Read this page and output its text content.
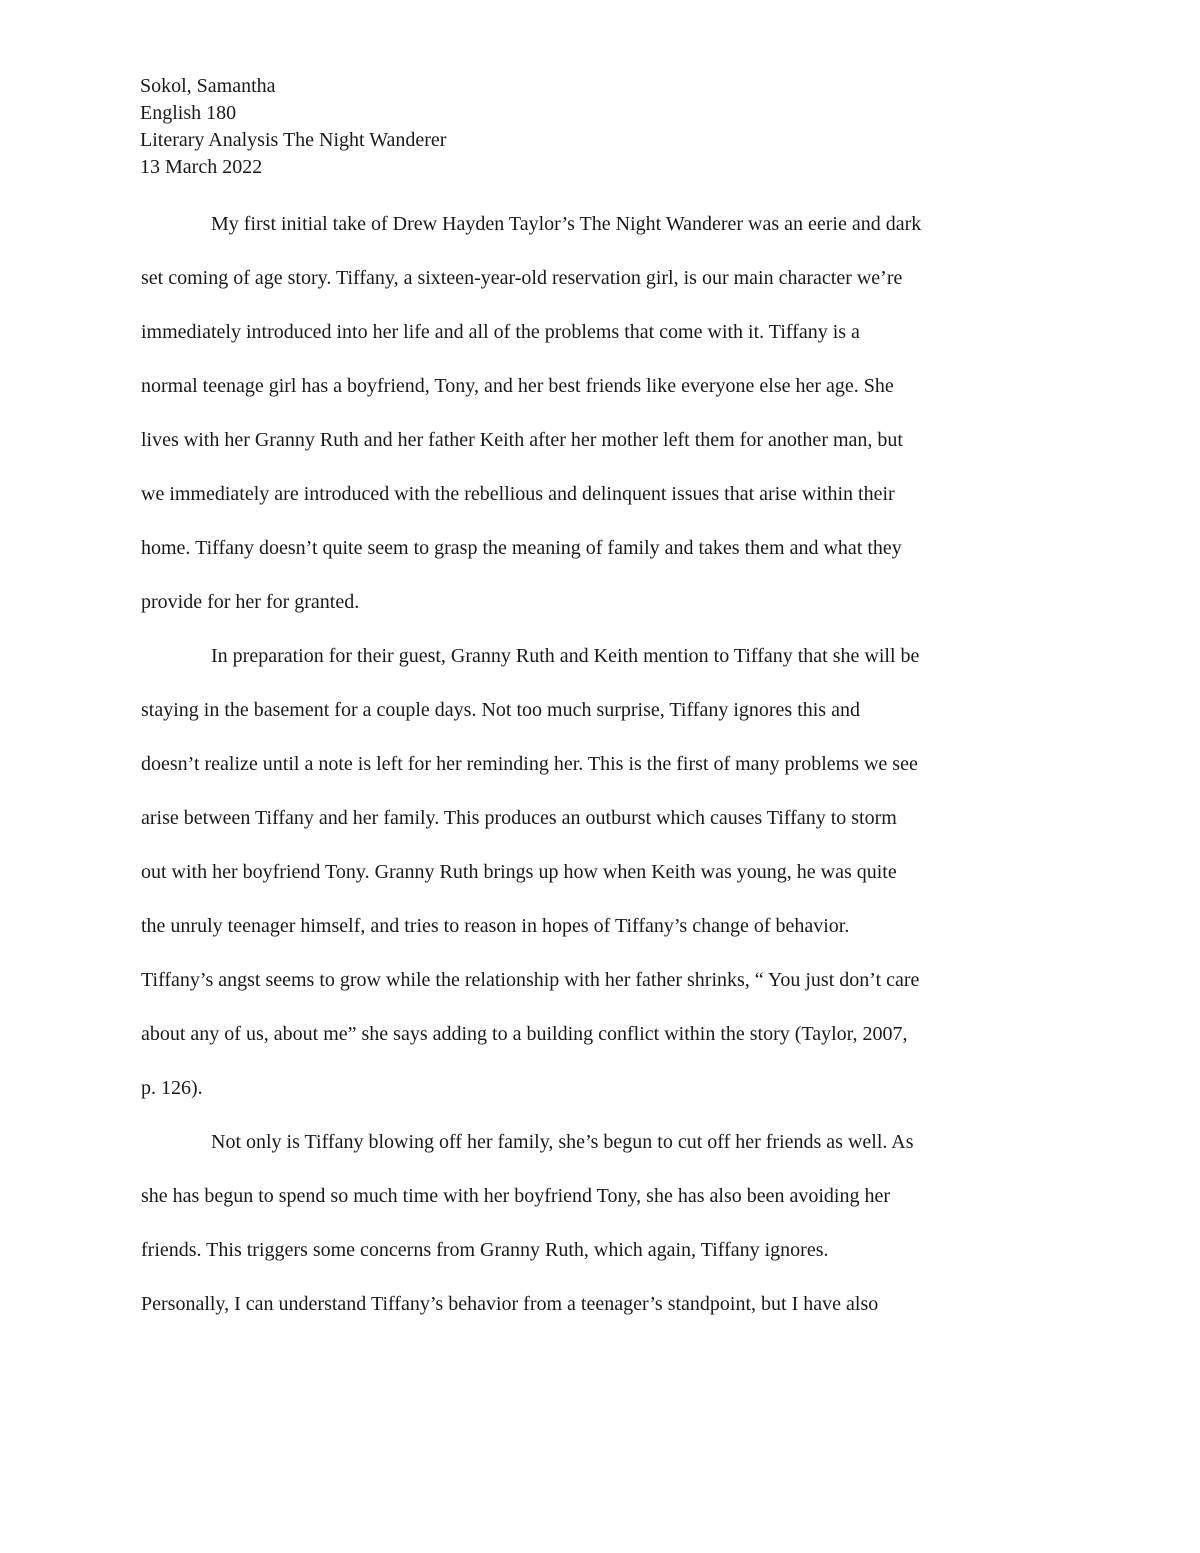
Sokol, Samantha
English 180
Literary Analysis The Night Wanderer
13 March 2022
My first initial take of Drew Hayden Taylor’s The Night Wanderer was an eerie and dark
set coming of age story. Tiffany, a sixteen-year-old reservation girl, is our main character we’re
immediately introduced into her life and all of the problems that come with it. Tiffany is a
normal teenage girl has a boyfriend, Tony, and her best friends like everyone else her age. She
lives with her Granny Ruth and her father Keith after her mother left them for another man, but
we immediately are introduced with the rebellious and delinquent issues that arise within their
home. Tiffany doesn’t quite seem to grasp the meaning of family and takes them and what they
provide for her for granted.
In preparation for their guest, Granny Ruth and Keith mention to Tiffany that she will be
staying in the basement for a couple days. Not too much surprise, Tiffany ignores this and
doesn’t realize until a note is left for her reminding her. This is the first of many problems we see
arise between Tiffany and her family. This produces an outburst which causes Tiffany to storm
out with her boyfriend Tony. Granny Ruth brings up how when Keith was young, he was quite
the unruly teenager himself, and tries to reason in hopes of Tiffany’s change of behavior.
Tiffany’s angst seems to grow while the relationship with her father shrinks, “ You just don’t care
about any of us, about me” she says adding to a building conflict within the story (Taylor, 2007,
p. 126).
Not only is Tiffany blowing off her family, she’s begun to cut off her friends as well. As
she has begun to spend so much time with her boyfriend Tony, she has also been avoiding her
friends. This triggers some concerns from Granny Ruth, which again, Tiffany ignores.
Personally, I can understand Tiffany’s behavior from a teenager’s standpoint, but I have also
